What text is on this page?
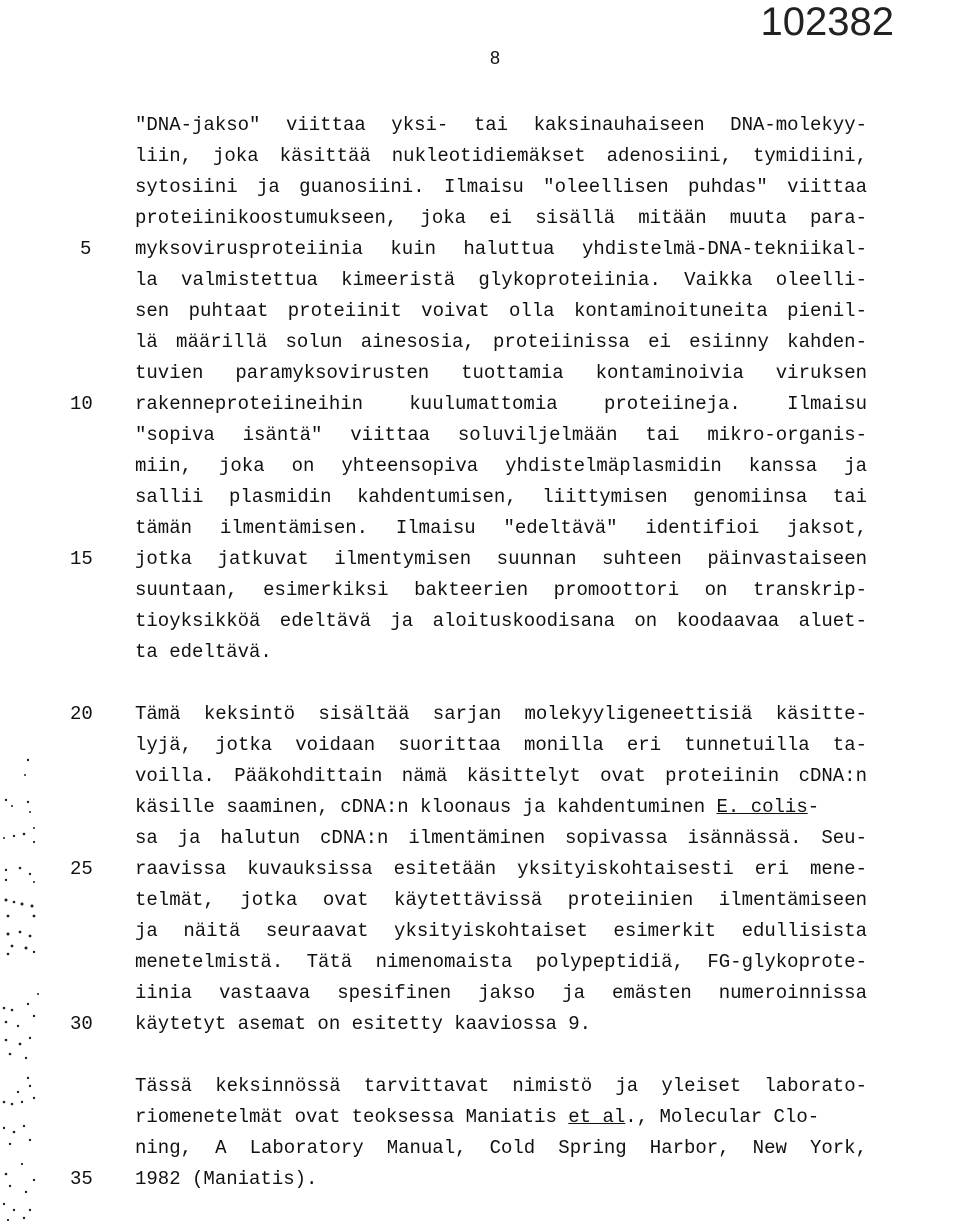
102382
8
"DNA-jakso" viittaa yksi- tai kaksinauhaiseen DNA-molekyy-
liin, joka käsittää nukleotidiemäkset adenosiini, tymidiini,
sytosiini ja guanosiini. Ilmaisu "oleellisen puhdas" viittaa
proteiinikoostumukseen, joka ei sisällä mitään muuta para-
myksovirusproteiinia kuin haluttua yhdistelmä-DNA-tekniikal-
la valmistettua kimeeristä glykoproteiinia. Vaikka oleelli-
sen puhtaat proteiinit voivat olla kontaminoituneita pienil-
lä määrillä solun ainesosia, proteiinissa ei esiinny kahden-
tuvien paramyksovirusten tuottamia kontaminoivia viruksen
rakenneproteiineihin kuulumattomia proteiineja. Ilmaisu
"sopiva isäntä" viittaa soluviljelmään tai mikro-organis-
miin, joka on yhteensopiva yhdistelmäplasmidin kanssa ja
sallii plasmidin kahdentumisen, liittymisen genomiinsa tai
tämän ilmentämisen. Ilmaisu "edeltävä" identifioi jaksot,
jotka jatkuvat ilmentymisen suunnan suhteen päinvastaiseen
suuntaan, esimerkiksi bakteerien promoottori on transkrip-
tioyksikköä edeltävä ja aloituskoodisana on koodaavaa aluet-
ta edeltävä.
Tämä keksintö sisältää sarjan molekyyligeneettisiä käsitte-
lyjä, jotka voidaan suorittaa monilla eri tunnetuilla ta-
voilla. Pääkohdittain nämä käsittelyt ovat proteiinin cDNA:n
käsille saaminen, cDNA:n kloonaus ja kahdentuminen E. colis-
sa ja halutun cDNA:n ilmentäminen sopivassa isännässä. Seu-
raavissa kuvauksissa esitetään yksityiskohtaisesti eri mene-
telmät, jotka ovat käytettävissä proteiinien ilmentämiseen
ja näitä seuraavat yksityiskohtaiset esimerkit edullisista
menetelmistä. Tätä nimenomaista polypeptidiä, FG-glykoprote-
iinia vastaava spesifinen jakso ja emästen numeroinnissa
käytetyt asemat on esitetty kaaviossa 9.
Tässä keksinnössä tarvittavat nimistö ja yleiset laborato-
riomenetelmät ovat teoksessa Maniatis et al., Molecular Clo-
ning, A Laboratory Manual, Cold Spring Harbor, New York,
1982 (Maniatis).
5
10
15
20
25
30
35
